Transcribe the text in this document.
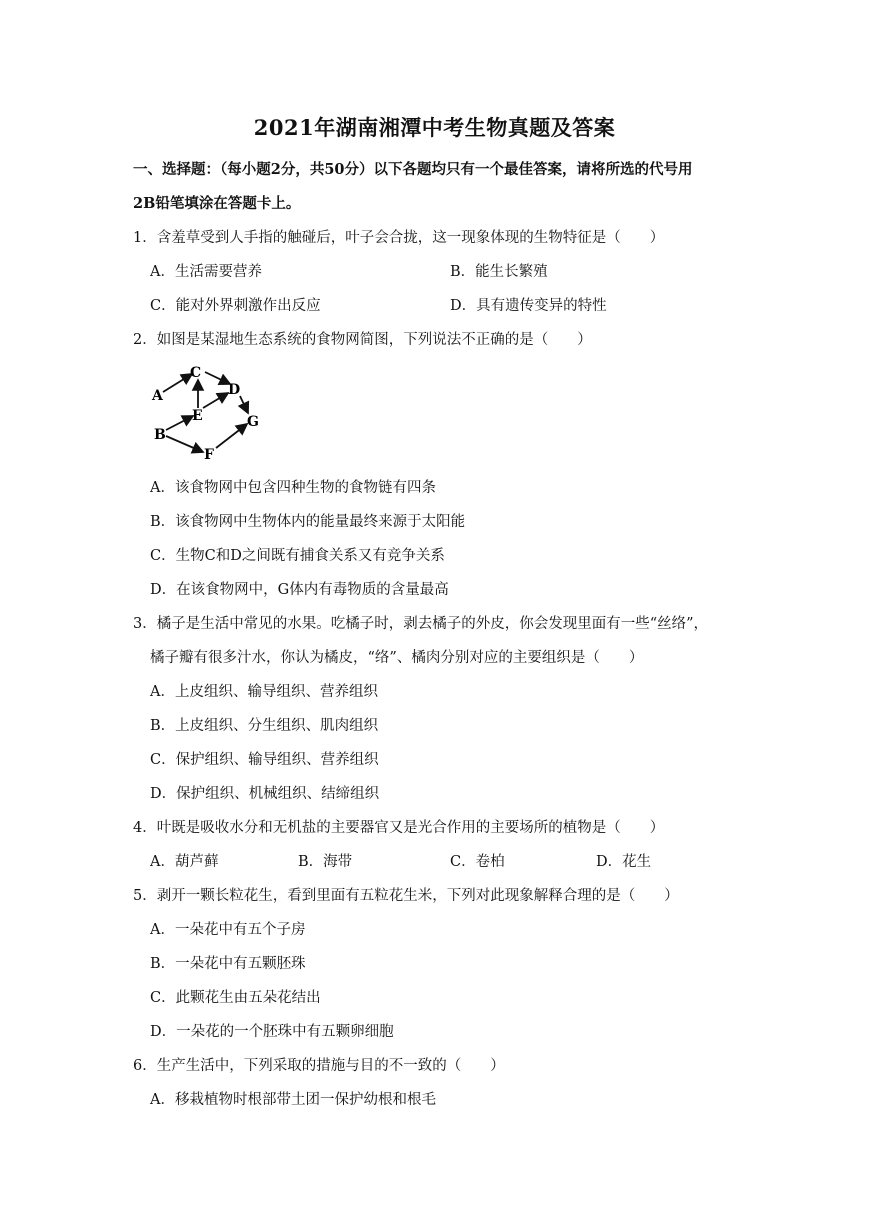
2021年湖南湘潭中考生物真题及答案
一、选择题：（每小题2分，共50分）以下各题均只有一个最佳答案，请将所选的代号用
2B铅笔填涂在答题卡上。
1．含羞草受到人手指的触碰后，叶子会合拢，这一现象体现的生物特征是（　　）
A．生活需要营养	B．能生长繁殖
C．能对外界刺激作出反应	D．具有遗传变异的特性
2．如图是某湿地生态系统的食物网简图，下列说法不正确的是（　　）
A
B
C
D
E
F
G
A．该食物网中包含四种生物的食物链有四条
B．该食物网中生物体内的能量最终来源于太阳能
C．生物C和D之间既有捕食关系又有竞争关系
D．在该食物网中，G体内有毒物质的含量最高
3．橘子是生活中常见的水果。吃橘子时，剥去橘子的外皮，你会发现里面有一些“丝络”，
橘子瓣有很多汁水，你认为橘皮，“络”、橘肉分别对应的主要组织是（　　）
A．上皮组织、输导组织、营养组织
B．上皮组织、分生组织、肌肉组织
C．保护组织、输导组织、营养组织
D．保护组织、机械组织、结缔组织
4．叶既是吸收水分和无机盐的主要器官又是光合作用的主要场所的植物是（　　）
A．葫芦藓	B．海带	C．卷柏	D．花生
5．剥开一颗长粒花生，看到里面有五粒花生米，下列对此现象解释合理的是（　　）
A．一朵花中有五个子房
B．一朵花中有五颗胚珠
C．此颗花生由五朵花结出
D．一朵花的一个胚珠中有五颗卵细胞
6．生产生活中，下列采取的措施与目的不一致的（　　）
A．移栽植物时根部带土团一保护幼根和根毛
